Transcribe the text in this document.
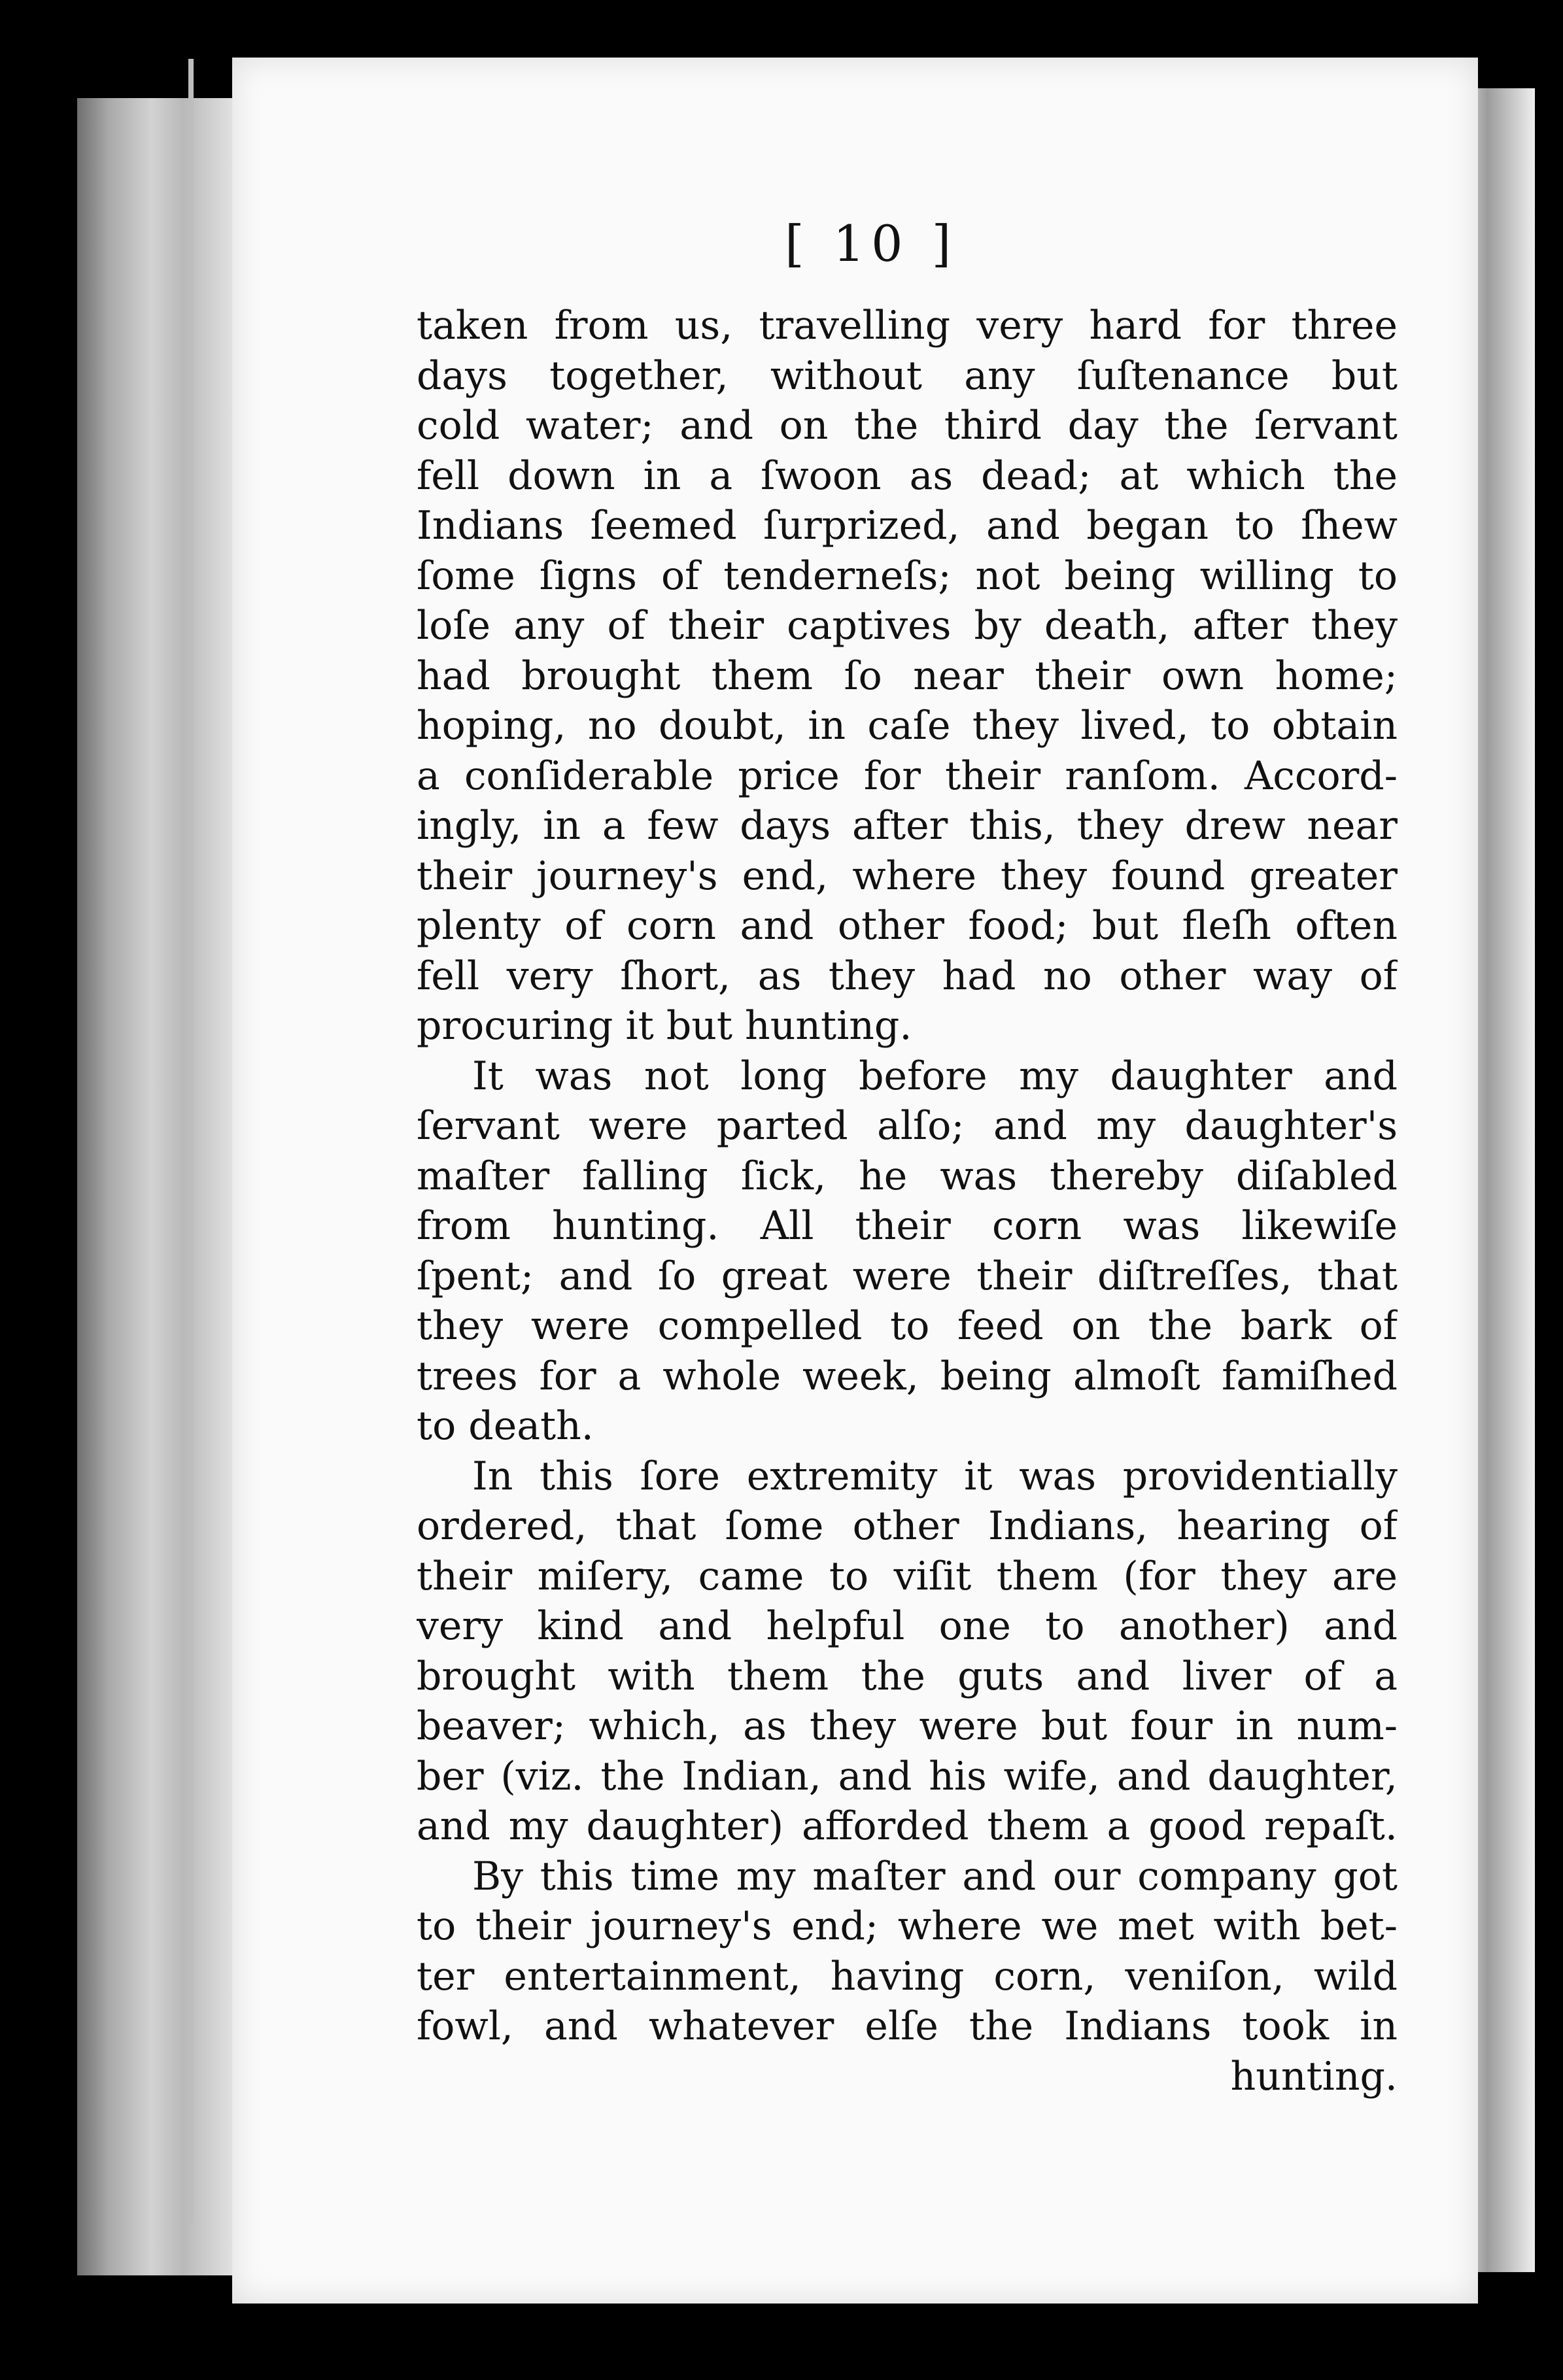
[ 10 ]
taken from us, travelling very hard for three
days together, without any ſuſtenance but
cold water; and on the third day the ſervant
fell down in a ſwoon as dead; at which the
Indians ſeemed ſurprized, and began to ſhew
ſome ſigns of tenderneſs; not being willing to
loſe any of their captives by death, after they
had brought them ſo near their own home;
hoping, no doubt, in caſe they lived, to obtain
a conſiderable price for their ranſom. Accord-
ingly, in a few days after this, they drew near
their journey's end, where they found greater
plenty of corn and other food; but fleſh often
fell very ſhort, as they had no other way of
procuring it but hunting.
It was not long before my daughter and
ſervant were parted alſo; and my daughter's
maſter falling ſick, he was thereby diſabled
from hunting. All their corn was likewiſe
ſpent; and ſo great were their diſtreſſes, that
they were compelled to feed on the bark of
trees for a whole week, being almoſt famiſhed
to death.
In this ſore extremity it was providentially
ordered, that ſome other Indians, hearing of
their miſery, came to viſit them (for they are
very kind and helpful one to another) and
brought with them the guts and liver of a
beaver; which, as they were but four in num-
ber (viz. the Indian, and his wife, and daughter,
and my daughter) afforded them a good repaſt.
By this time my maſter and our company got
to their journey's end; where we met with bet-
ter entertainment, having corn, veniſon, wild
fowl, and whatever elſe the Indians took in
hunting.
